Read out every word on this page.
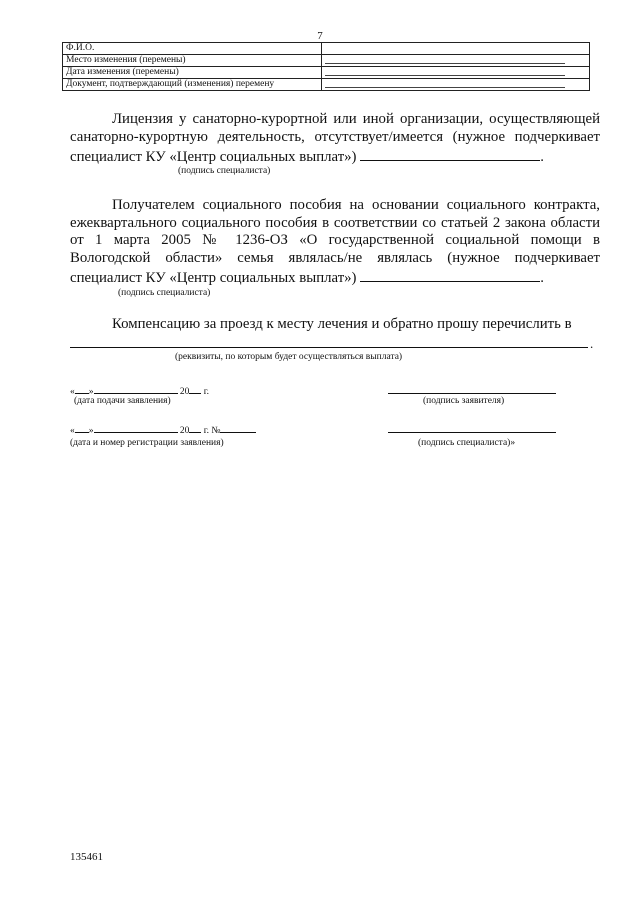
7
Ф.И.О.	
Место изменения (перемены)	
Дата изменения (перемены)	
Документ, подтверждающий (изменения) перемену	

Лицензия у санаторно-курортной или иной организации, осуществляющей санаторно-курортную деятельность, отсутствует/имеется (нужное подчеркивает специалист КУ «Центр социальных выплат»)	.

(подпись специалиста)

Получателем социального пособия на основании социального контракта, ежеквартального социального пособия в соответствии со статьей 2 закона области от 1 марта 2005 № 1236-ОЗ «О государственной социальной помощи в Вологодской области» семья являлась/не являлась (нужное подчеркивает специалист КУ «Центр социальных выплат»)	.

(подпись специалиста)

Компенсацию за проезд к месту лечения и обратно прошу перечислить в

.
(реквизиты, по которым будет осуществляться выплата)
« »	20 г.
(дата подачи заявления)	(подпись заявителя)
« »	20 г. №
(дата и номер регистрации заявления)	(подпись специалиста)»
135461
